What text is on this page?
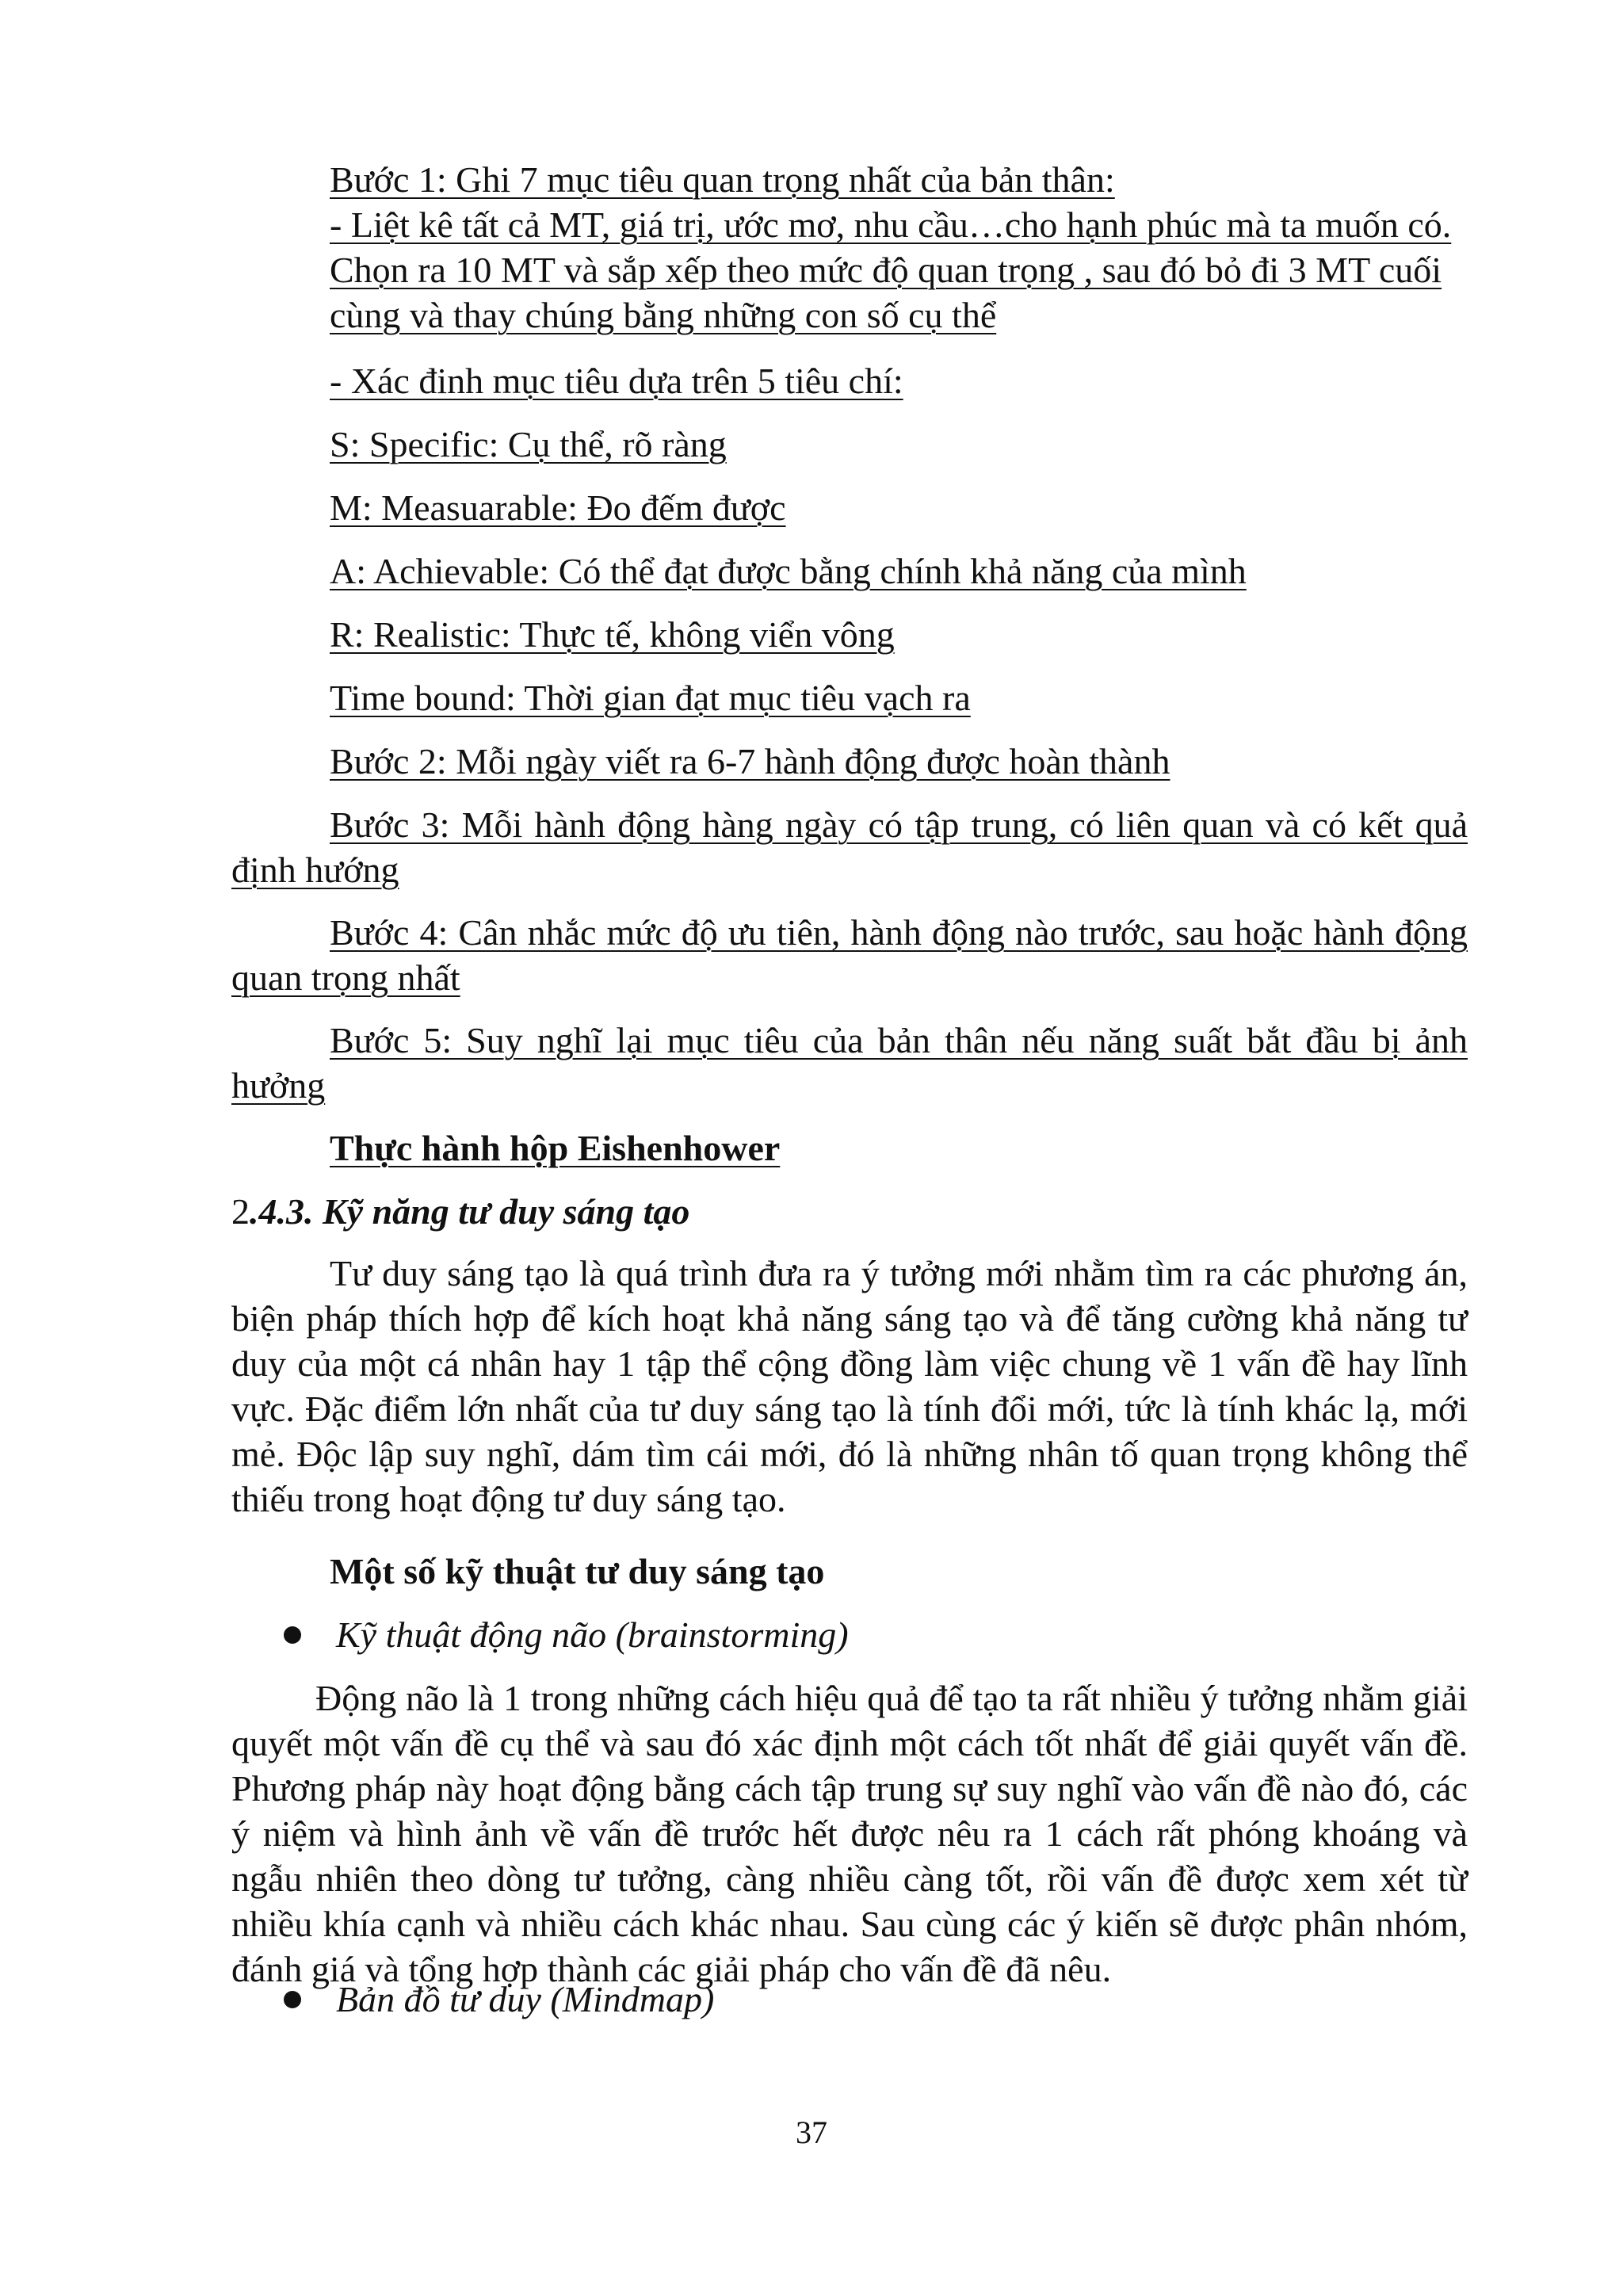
Bước 1: Ghi 7 mục tiêu quan trọng nhất của bản thân:
- Liệt kê tất cả MT, giá trị, ước mơ, nhu cầu…cho hạnh phúc mà ta muốn có. Chọn ra 10 MT và sắp xếp theo mức độ quan trọng , sau đó bỏ đi 3 MT cuối cùng và thay chúng bằng những con số cụ thể
- Xác đinh mục tiêu dựa trên 5 tiêu chí:
S: Specific: Cụ thể, rõ ràng
M: Measuarable: Đo đếm được
A: Achievable: Có thể đạt được bằng chính khả năng của mình
R: Realistic: Thực tế, không viển vông
Time bound: Thời gian đạt mục tiêu vạch ra
Bước 2: Mỗi ngày viết ra 6-7 hành động được hoàn thành
Bước 3: Mỗi hành động hàng ngày có tập trung, có liên quan và có kết quả định hướng
Bước 4: Cân nhắc mức độ ưu tiên, hành động nào trước, sau hoặc hành động quan trọng nhất
Bước 5: Suy nghĩ lại mục tiêu của bản thân nếu năng suất bắt đầu bị ảnh hưởng
Thực hành hộp Eishenhower
2.4.3. Kỹ năng tư duy sáng tạo
Tư duy sáng tạo là quá trình đưa ra ý tưởng mới nhằm tìm ra các phương án, biện pháp thích hợp để kích hoạt khả năng sáng tạo và để tăng cường khả năng tư duy của một cá nhân hay 1 tập thể cộng đồng làm việc chung về 1 vấn đề hay lĩnh vực. Đặc điểm lớn nhất của tư duy sáng tạo là tính đổi mới, tức là tính khác lạ, mới mẻ. Độc lập suy nghĩ, dám tìm cái mới, đó là những nhân tố quan trọng không thể thiếu trong hoạt động tư duy sáng tạo.
Một số kỹ thuật tư duy sáng tạo
Kỹ thuật động não (brainstorming)
Động não là 1 trong những cách hiệu quả để tạo ta rất nhiều ý tưởng nhằm giải quyết một vấn đề cụ thể và sau đó xác định một cách tốt nhất để giải quyết vấn đề. Phương pháp này hoạt động bằng cách tập trung sự suy nghĩ vào vấn đề nào đó, các ý niệm và hình ảnh về vấn đề trước hết được nêu ra 1 cách rất phóng khoáng và ngẫu nhiên theo dòng tư tưởng, càng nhiều càng tốt, rồi vấn đề được xem xét từ nhiều khía cạnh và nhiều cách khác nhau. Sau cùng các ý kiến sẽ được phân nhóm, đánh giá và tổng hợp thành các giải pháp cho vấn đề đã nêu.
Bản đồ tư duy (Mindmap)
37
